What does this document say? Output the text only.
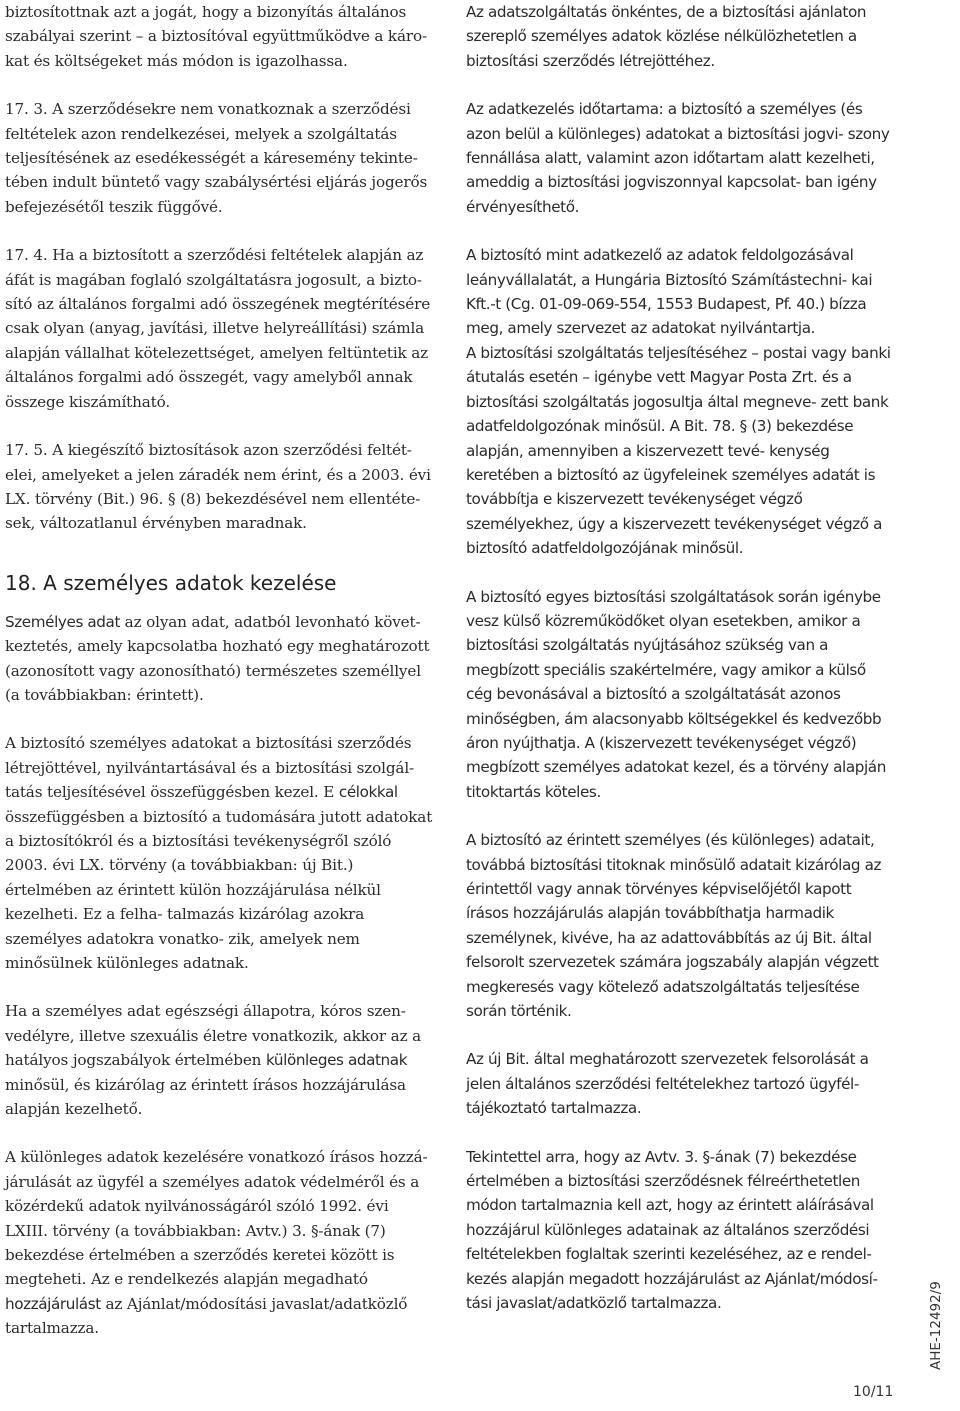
biztosítottnak azt a jogát, hogy a bizonyítás általános szabályai szerint – a biztosítóval együttműködve a káro- kat és költségeket más módon is igazolhassa.

17. 3. A szerződésekre nem vonatkoznak a szerződési feltételek azon rendelkezései, melyek a szolgáltatás teljesítésének az esedékességét a káresemény tekinte- tében indult büntető vagy szabálysértési eljárás jogerős befejezésétől teszik függővé.

17. 4. Ha a biztosított a szerződési feltételek alapján az áfát is magában foglaló szolgáltatásra jogosult, a bizto- sító az általános forgalmi adó összegének megtérítésére csak olyan (anyag, javítási, illetve helyreállítási) számla alapján vállalhat kötelezettséget, amelyen feltüntetik az általános forgalmi adó összegét, vagy amelyből annak összege kiszámítható.

17. 5. A kiegészítő biztosítások azon szerződési feltét- elei, amelyeket a jelen záradék nem érint, és a 2003. évi LX. törvény (Bit.) 96. § (8) bekezdésével nem ellentéte- sek, változatlanul érvényben maradnak.

18. A személyes adatok kezelése

Személyes adat az olyan adat, adatból levonható követ- keztetés, amely kapcsolatba hozható egy meghatározott (azonosított vagy azonosítható) természetes személlyel (a továbbiakban: érintett).

A biztosító személyes adatokat a biztosítási szerződés létrejöttével, nyilvántartásával és a biztosítási szolgál- tatás teljesítésével összefüggésben kezel. E célokkal összefüggésben a biztosító a tudomására jutott adatokat a biztosítókról és a biztosítási tevékenységről szóló 2003. évi LX. törvény (a továbbiakban: új Bit.) értelmében az érintett külön hozzájárulása nélkül kezelheti. Ez a felha- talmazás kizárólag azokra személyes adatokra vonatko- zik, amelyek nem minősülnek különleges adatnak.

Ha a személyes adat egészségi állapotra, kóros szen- vedélyre, illetve szexuális életre vonatkozik, akkor az a hatályos jogszabályok értelmében különleges adatnak minősül, és kizárólag az érintett írásos hozzájárulása alapján kezelhető.

A különleges adatok kezelésére vonatkozó írásos hozzá- járulását az ügyfél a személyes adatok védelméről és a közérdekű adatok nyilvánosságáról szóló 1992. évi LXIII. törvény (a továbbiakban: Avtv.) 3. §-ának (7) bekezdése értelmében a szerződés keretei között is megteheti. Az e rendelkezés alapján megadható hozzájárulást az Ajánlat/módosítási javaslat/adatközlő tartalmazza.

Az adatszolgáltatás önkéntes, de a biztosítási ajánlaton szereplő személyes adatok közlése nélkülözhetetlen a biztosítási szerződés létrejöttéhez.

Az adatkezelés időtartama: a biztosító a személyes (és azon belül a különleges) adatokat a biztosítási jogvi- szony fennállása alatt, valamint azon időtartam alatt kezelheti, ameddig a biztosítási jogviszonnyal kapcsolat- ban igény érvényesíthető.

A biztosító mint adatkezelő az adatok feldolgozásával leányvállalatát, a Hungária Biztosító Számítástechni- kai Kft.-t (Cg. 01-09-069-554, 1553 Budapest, Pf. 40.) bízza meg, amely szervezet az adatokat nyilvántartja.

A biztosítási szolgáltatás teljesítéséhez – postai vagy banki átutalás esetén – igénybe vett Magyar Posta Zrt. és a biztosítási szolgáltatás jogosultja által megneve- zett bank adatfeldolgozónak minősül. A Bit. 78. § (3) bekezdése alapján, amennyiben a kiszervezett tevé- kenység keretében a biztosító az ügyfeleinek személyes adatát is továbbítja e kiszervezett tevékenységet végző személyekhez, úgy a kiszervezett tevékenységet végző a biztosító adatfeldolgozójának minősül.

A biztosító egyes biztosítási szolgáltatások során igénybe vesz külső közreműködőket olyan esetekben, amikor a biztosítási szolgáltatás nyújtásához szükség van a megbízott speciális szakértelmére, vagy amikor a külső cég bevonásával a biztosító a szolgáltatását azonos minőségben, ám alacsonyabb költségekkel és kedvezőbb áron nyújthatja. A (kiszervezett tevékenységet végző) megbízott személyes adatokat kezel, és a törvény alapján titoktartás köteles.

A biztosító az érintett személyes (és különleges) adatait, továbbá biztosítási titoknak minősülő adatait kizárólag az érintettől vagy annak törvényes képviselőjétől kapott írásos hozzájárulás alapján továbbíthatja harmadik személynek, kivéve, ha az adattovábbítás az új Bit. által felsorolt szervezetek számára jogszabály alapján végzett megkeresés vagy kötelező adatszolgáltatás teljesítése során történik.

Az új Bit. által meghatározott szervezetek felsorolását a jelen általános szerződési feltételekhez tartozó ügyfél- tájékoztató tartalmazza.

Tekintettel arra, hogy az Avtv. 3. §-ának (7) bekezdése értelmében a biztosítási szerződésnek félreérthetetlen módon tartalmaznia kell azt, hogy az érintett aláírásával hozzájárul különleges adatainak az általános szerződési feltételekben foglaltak szerinti kezeléséhez, az e rendel- kezés alapján megadott hozzájárulást az Ajánlat/módosí- tási javaslat/adatközlő tartalmazza.	AHE-12492/9
10/11
